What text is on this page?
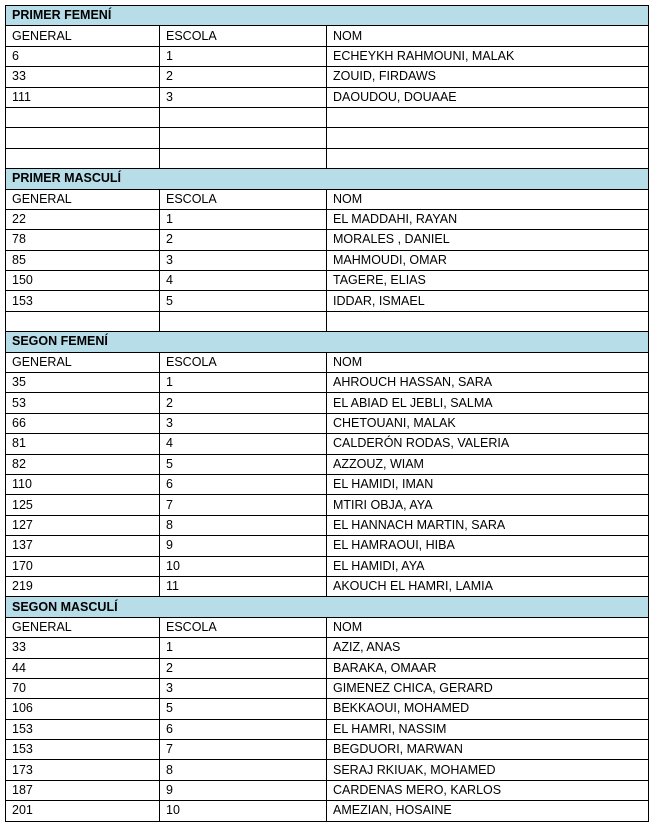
PRIMER FEMENÍ		
GENERAL	ESCOLA	NOM
6	1	ECHEYKH RAHMOUNI, MALAK
33	2	ZOUID, FIRDAWS
111	3	DAOUDOU, DOUAAE

PRIMER MASCULÍ		
GENERAL	ESCOLA	NOM
22	1	EL MADDAHI, RAYAN
78	2	MORALES , DANIEL
85	3	MAHMOUDI, OMAR
150	4	TAGERE, ELIAS
153	5	IDDAR, ISMAEL

SEGON FEMENÍ		
GENERAL	ESCOLA	NOM
35	1	AHROUCH HASSAN, SARA
53	2	EL ABIAD EL JEBLI, SALMA
66	3	CHETOUANI, MALAK
81	4	CALDERÓN RODAS, VALERIA
82	5	AZZOUZ, WIAM
110	6	EL HAMIDI, IMAN
125	7	MTIRI OBJA, AYA
127	8	EL HANNACH MARTIN, SARA
137	9	EL HAMRAOUI, HIBA
170	10	EL HAMIDI, AYA
219	11	AKOUCH EL HAMRI, LAMIA
SEGON MASCULÍ		
GENERAL	ESCOLA	NOM
33	1	AZIZ, ANAS
44	2	BARAKA, OMAAR
70	3	GIMENEZ CHICA, GERARD
106	5	BEKKAOUI, MOHAMED
153	6	EL HAMRI, NASSIM
153	7	BEGDUORI, MARWAN
173	8	SERAJ RKIUAK, MOHAMED
187	9	CARDENAS MERO, KARLOS
201	10	AMEZIAN, HOSAINE
